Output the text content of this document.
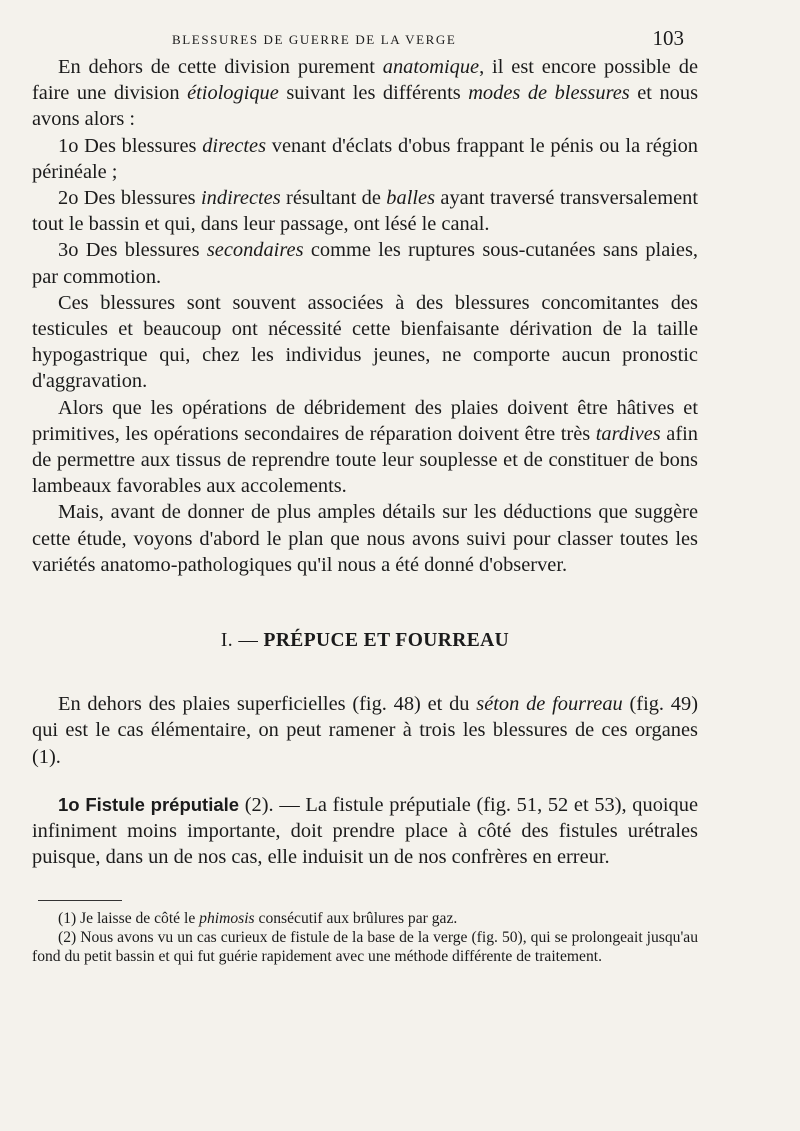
BLESSURES DE GUERRE DE LA VERGE	103

En dehors de cette division purement anatomique, il est encore possible de faire une division étiologique suivant les différents modes de blessures et nous avons alors :

1o Des blessures directes venant d'éclats d'obus frappant le pénis ou la région périnéale ;

2o Des blessures indirectes résultant de balles ayant traversé transversalement tout le bassin et qui, dans leur passage, ont lésé le canal.

3o Des blessures secondaires comme les ruptures sous-cutanées sans plaies, par commotion.

Ces blessures sont souvent associées à des blessures concomitantes des testicules et beaucoup ont nécessité cette bienfaisante dérivation de la taille hypogastrique qui, chez les individus jeunes, ne comporte aucun pronostic d'aggravation.

Alors que les opérations de débridement des plaies doivent être hâtives et primitives, les opérations secondaires de réparation doivent être très tardives afin de permettre aux tissus de reprendre toute leur souplesse et de constituer de bons lambeaux favorables aux accolements.

Mais, avant de donner de plus amples détails sur les déductions que suggère cette étude, voyons d'abord le plan que nous avons suivi pour classer toutes les variétés anatomo-pathologiques qu'il nous a été donné d'observer.

I. — PRÉPUCE ET FOURREAU

En dehors des plaies superficielles (fig. 48) et du séton de fourreau (fig. 49) qui est le cas élémentaire, on peut ramener à trois les blessures de ces organes (1).

1o Fistule préputiale (2). — La fistule préputiale (fig. 51, 52 et 53), quoique infiniment moins importante, doit prendre place à côté des fistules urétrales puisque, dans un de nos cas, elle induisit un de nos confrères en erreur.

(1) Je laisse de côté le phimosis consécutif aux brûlures par gaz.

(2) Nous avons vu un cas curieux de fistule de la base de la verge (fig. 50), qui se prolongeait jusqu'au fond du petit bassin et qui fut guérie rapidement avec une méthode différente de traitement.
